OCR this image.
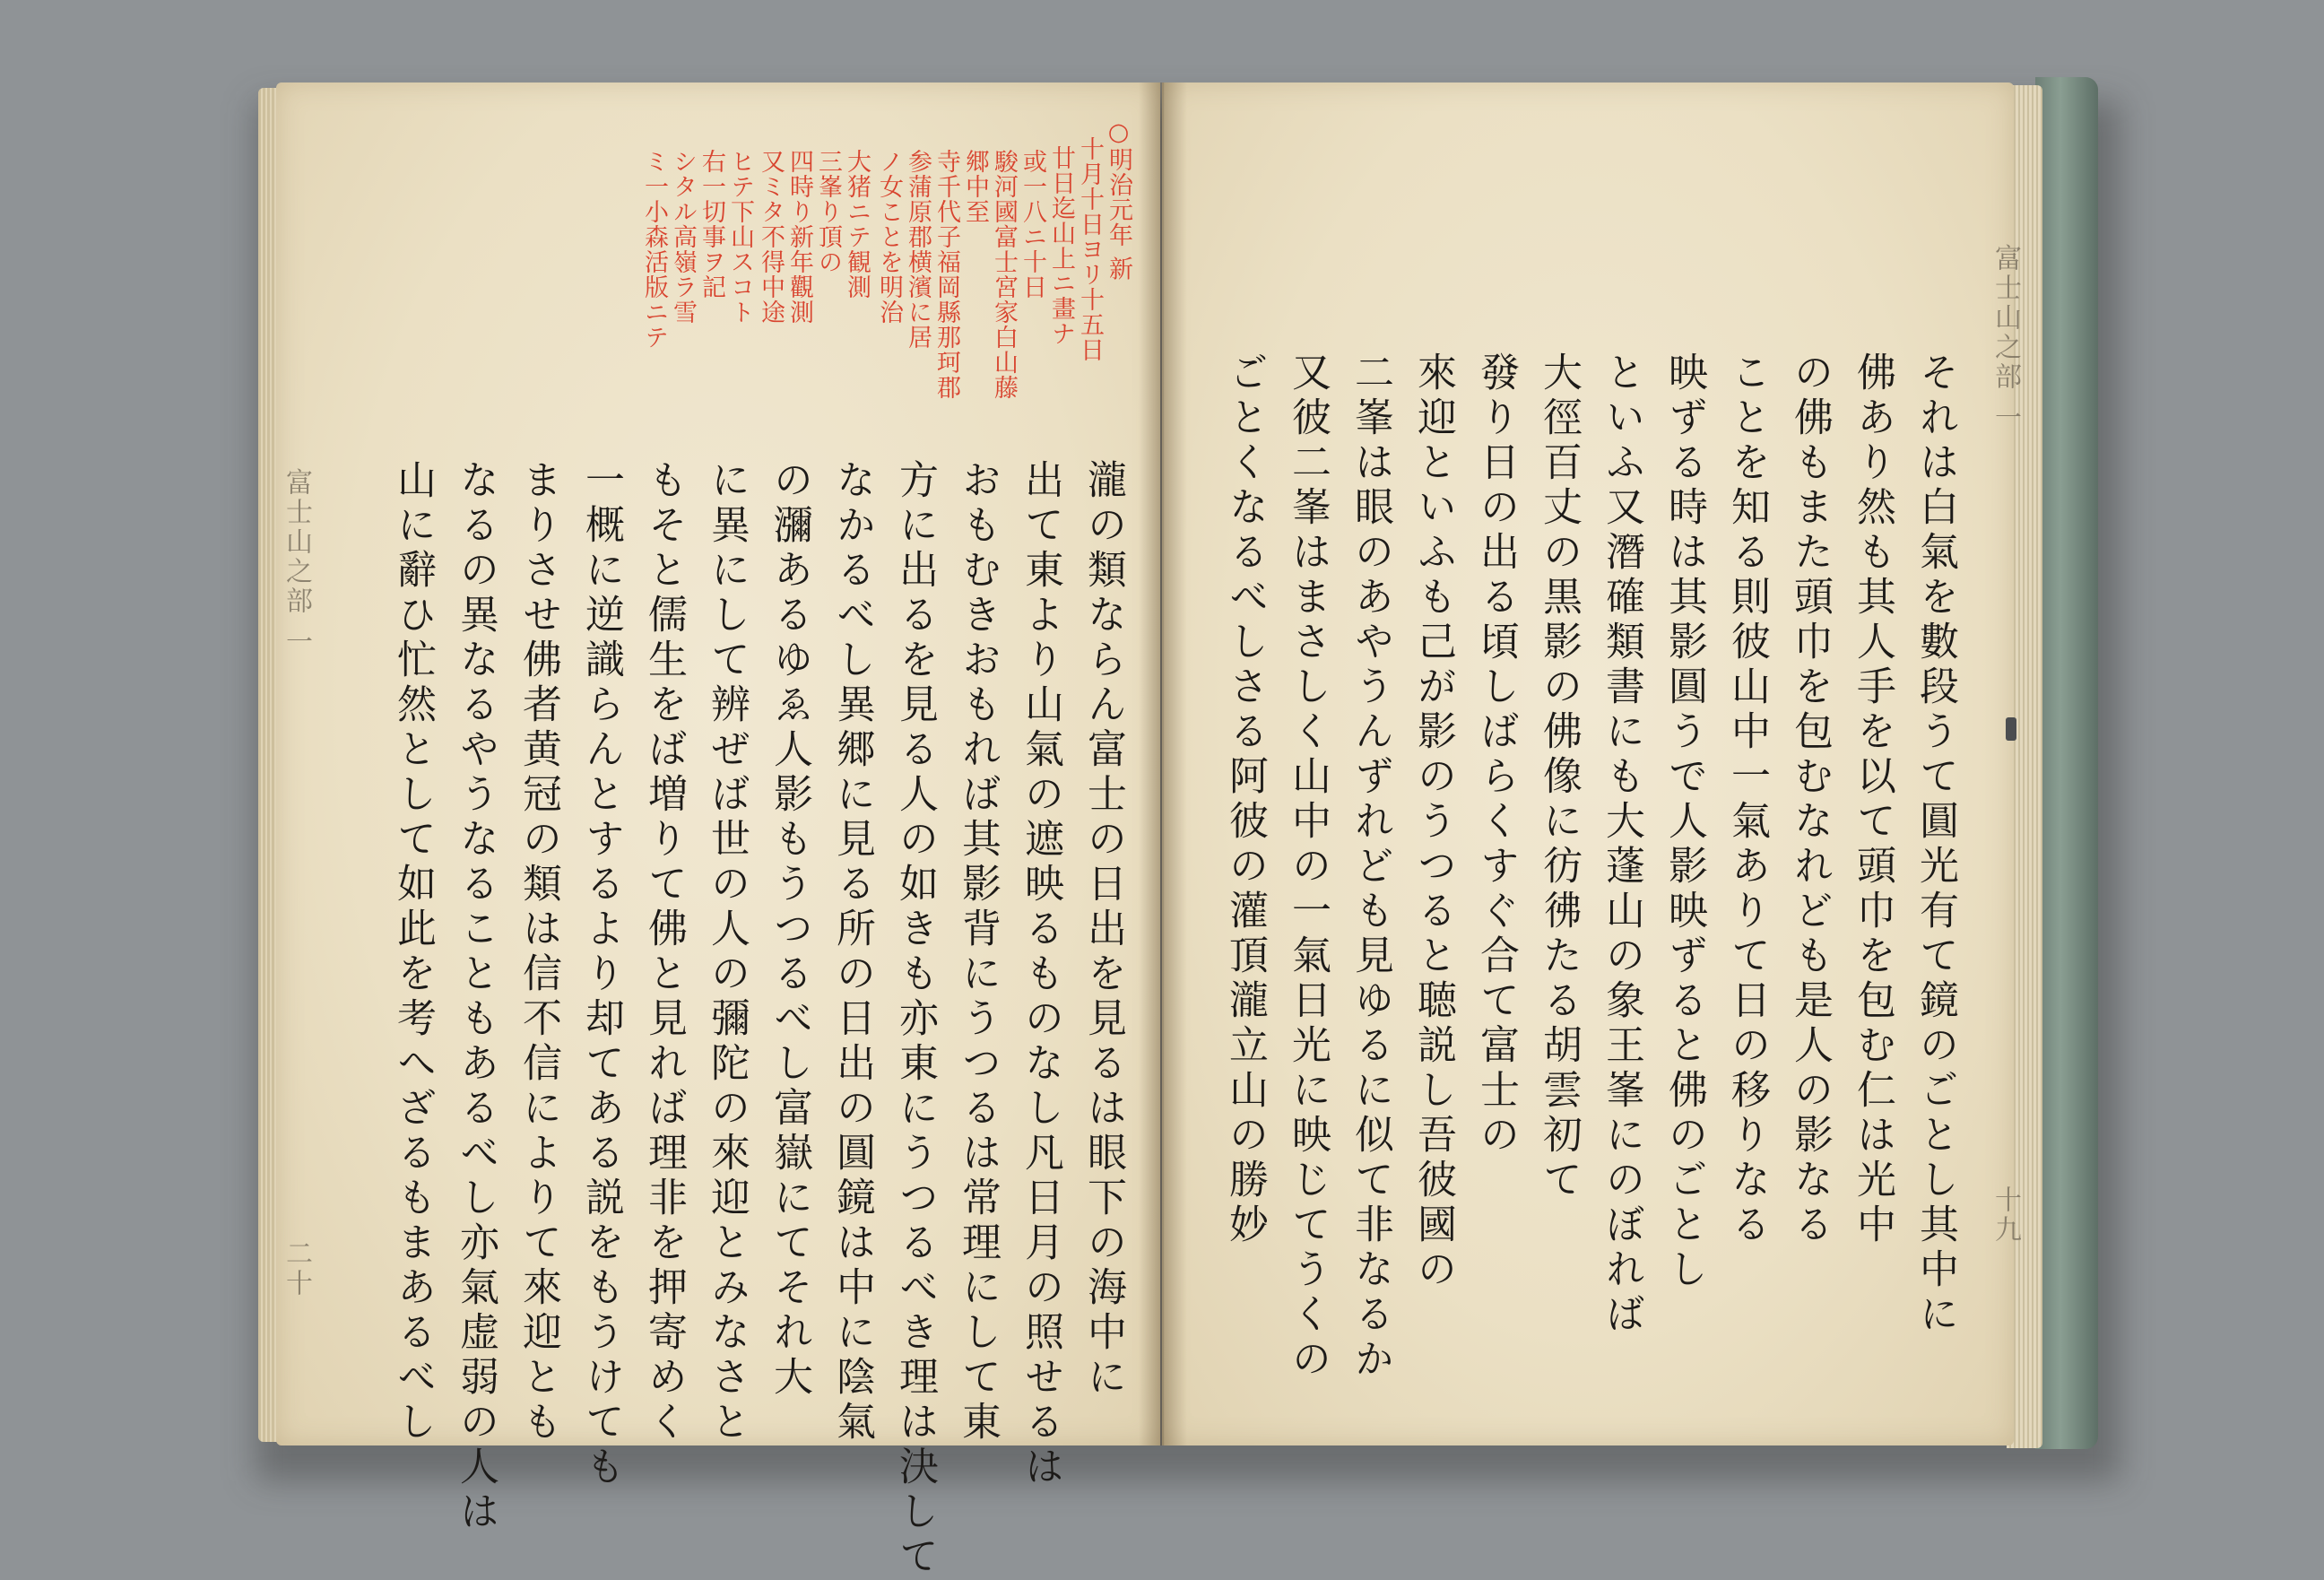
富士山之部 一
二十
○明治元年 新
十月十日ヨリ十五日
廿日迄山上ニ畫ナ
或一八ニ十日
駿河國富士宮家白山藤
郷中至
寺千代子福岡縣那珂郡
参蒲原郡横濱に居
ノ女ことを明治
大猪ニテ観測
三峯り頂の
四時り新年觀測
又ミタ不得中途
ヒテ下山スコト
右一切事ヲ記
シタル高嶺ラ雪
ミ一小森活版ニテ
瀧の類ならん富士の日出を見るは眼下の海中に
出て東より山氣の遮映るものなし凡日月の照せるは
おもむきおもれば其影背にうつるは常理にして東
方に出るを見る人の如きも亦東にうつるべき理は決して
なかるべし異郷に見る所の日出の圓鏡は中に陰氣
の瀰あるゆゑ人影もうつるべし富嶽にてそれ大
に異にして辨ぜば世の人の彌陀の來迎とみなさと
もそと儒生をば増りて佛と見れば理非を押寄めく
一概に逆識らんとするより却てある説をもうけても
まりさせ佛者黄冠の類は信不信によりて來迎とも
なるの異なるやうなることもあるべし亦氣虚弱の人は
山に辭ひ忙然として如此を考へざるもまあるべし
富士山之部 一
十九
それは白氣を數段うて圓光有て鏡のごとし其中に
佛あり然も其人手を以て頭巾を包む仁は光中
の佛もまた頭巾を包むなれども是人の影なる
ことを知る則彼山中一氣ありて日の移りなる
映ずる時は其影圓うで人影映ずると佛のごとし
といふ又潛確類書にも大蓬山の象王峯にのぼれば
大徑百丈の黒影の佛像に彷彿たる胡雲初て
發り日の出る頃しばらくすぐ合て富士の
來迎といふも己が影のうつると聴説し吾彼國の
二峯は眼のあやうんずれども見ゆるに似て非なるか
又彼二峯はまさしく山中の一氣日光に映じてうくの
ごとくなるべしさる阿彼の灌頂瀧立山の勝妙
